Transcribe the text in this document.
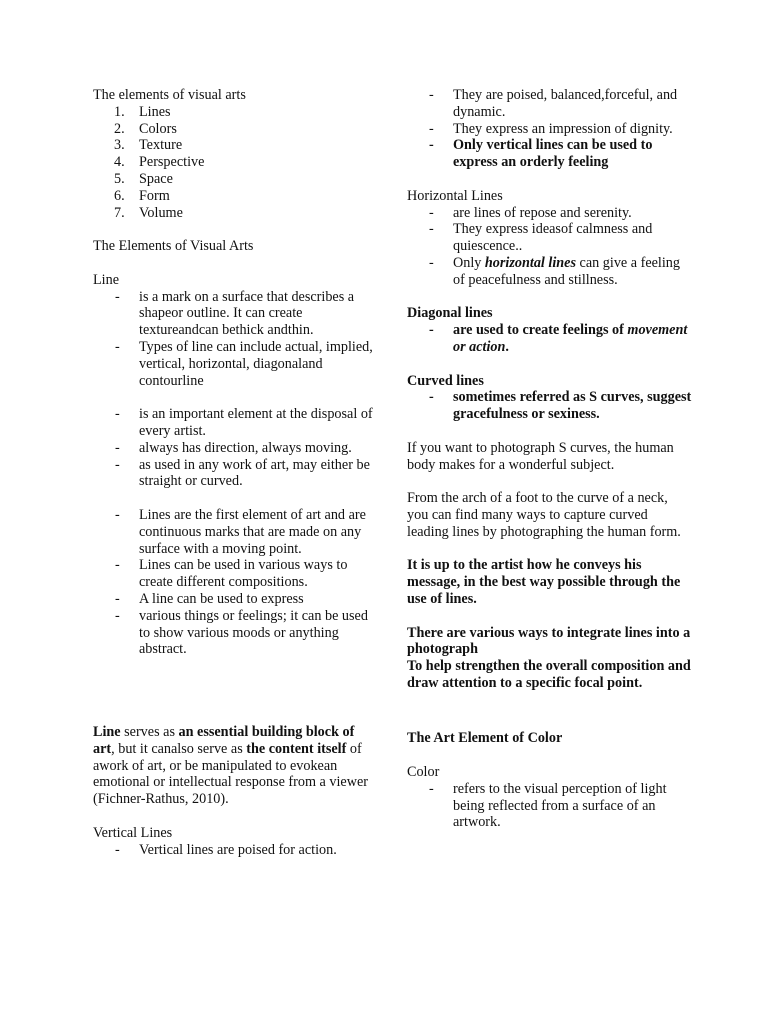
The elements of visual arts

1. Lines
2. Colors
3. Texture
4. Perspective
5. Space
6. Form
7. Volume

The Elements of Visual Arts

Line

- is a mark on a surface that describes a shapeor outline. It can create textureandcan bethick andthin.
- Types of line can include actual, implied, vertical, horizontal, diagonaland contourline
- is an important element at the disposal of every artist.
- always has direction, always moving.
- as used in any work of art, may either be straight or curved.
- Lines are the first element of art and are continuous marks that are made on any surface with a moving point.
- Lines can be used in various ways to create different compositions.
- A line can be used to express
- various things or feelings; it can be used to show various moods or anything abstract.

Line serves as an essential building block of art, but it canalso serve as the content itself of awork of art, or be manipulated to evokean emotional or intellectual response from a viewer (Fichner-Rathus, 2010).

Vertical Lines

- Vertical lines are poised for action.
- They are poised, balanced,forceful, and dynamic.
- They express an impression of dignity.
- Only vertical lines can be used to express an orderly feeling

Horizontal Lines

- are lines of repose and serenity.
- They express ideasof calmness and quiescence..
- Only horizontal lines can give a feeling of peacefulness and stillness.

Diagonal lines

- are used to create feelings of movement or action.

Curved lines

- sometimes referred as S curves, suggest gracefulness or sexiness.

If you want to photograph S curves, the human body makes for a wonderful subject.

From the arch of a foot to the curve of a neck, you can find many ways to capture curved leading lines by photographing the human form.

It is up to the artist how he conveys his message, in the best way possible through the use of lines.

There are various ways to integrate lines into a photograph

To help strengthen the overall composition and draw attention to a specific focal point.

The Art Element of Color

Color

- refers to the visual perception of light being reflected from a surface of an artwork.
